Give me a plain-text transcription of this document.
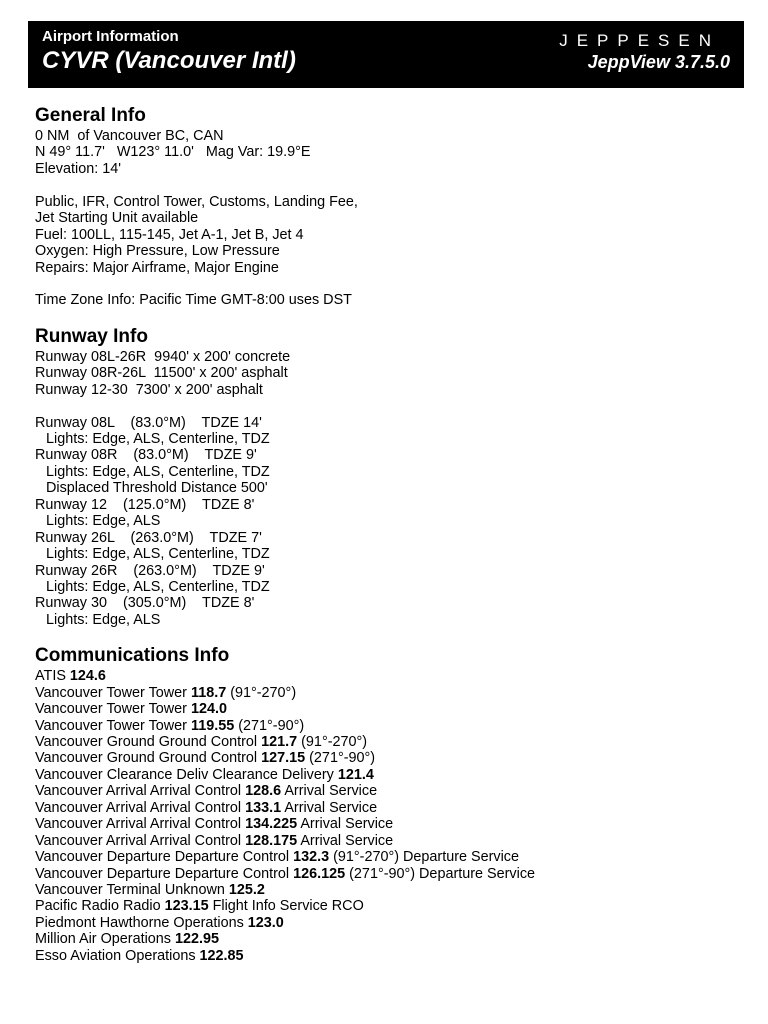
Airport Information
CYVR (Vancouver Intl)
JEPPESEN
JeppView 3.7.5.0
General Info
0 NM  of Vancouver BC, CAN
N 49° 11.7'   W123° 11.0'   Mag Var: 19.9°E
Elevation: 14'
Public, IFR, Control Tower, Customs, Landing Fee,
Jet Starting Unit available
Fuel: 100LL, 115-145, Jet A-1, Jet B, Jet 4
Oxygen: High Pressure, Low Pressure
Repairs: Major Airframe, Major Engine
Time Zone Info: Pacific Time GMT-8:00 uses DST
Runway Info
Runway 08L-26R  9940' x 200' concrete
Runway 08R-26L  11500' x 200' asphalt
Runway 12-30  7300' x 200' asphalt
Runway 08L    (83.0°M)    TDZE 14'
Lights: Edge, ALS, Centerline, TDZ
Runway 08R    (83.0°M)    TDZE 9'
Lights: Edge, ALS, Centerline, TDZ
Displaced Threshold Distance 500'
Runway 12    (125.0°M)    TDZE 8'
Lights: Edge, ALS
Runway 26L    (263.0°M)    TDZE 7'
Lights: Edge, ALS, Centerline, TDZ
Runway 26R    (263.0°M)    TDZE 9'
Lights: Edge, ALS, Centerline, TDZ
Runway 30    (305.0°M)    TDZE 8'
Lights: Edge, ALS
Communications Info
ATIS 124.6
Vancouver Tower Tower 118.7 (91°-270°)
Vancouver Tower Tower 124.0
Vancouver Tower Tower 119.55 (271°-90°)
Vancouver Ground Ground Control 121.7 (91°-270°)
Vancouver Ground Ground Control 127.15 (271°-90°)
Vancouver Clearance Deliv Clearance Delivery 121.4
Vancouver Arrival Arrival Control 128.6 Arrival Service
Vancouver Arrival Arrival Control 133.1 Arrival Service
Vancouver Arrival Arrival Control 134.225 Arrival Service
Vancouver Arrival Arrival Control 128.175 Arrival Service
Vancouver Departure Departure Control 132.3 (91°-270°) Departure Service
Vancouver Departure Departure Control 126.125 (271°-90°) Departure Service
Vancouver Terminal Unknown 125.2
Pacific Radio Radio 123.15 Flight Info Service RCO
Piedmont Hawthorne Operations 123.0
Million Air Operations 122.95
Esso Aviation Operations 122.85
